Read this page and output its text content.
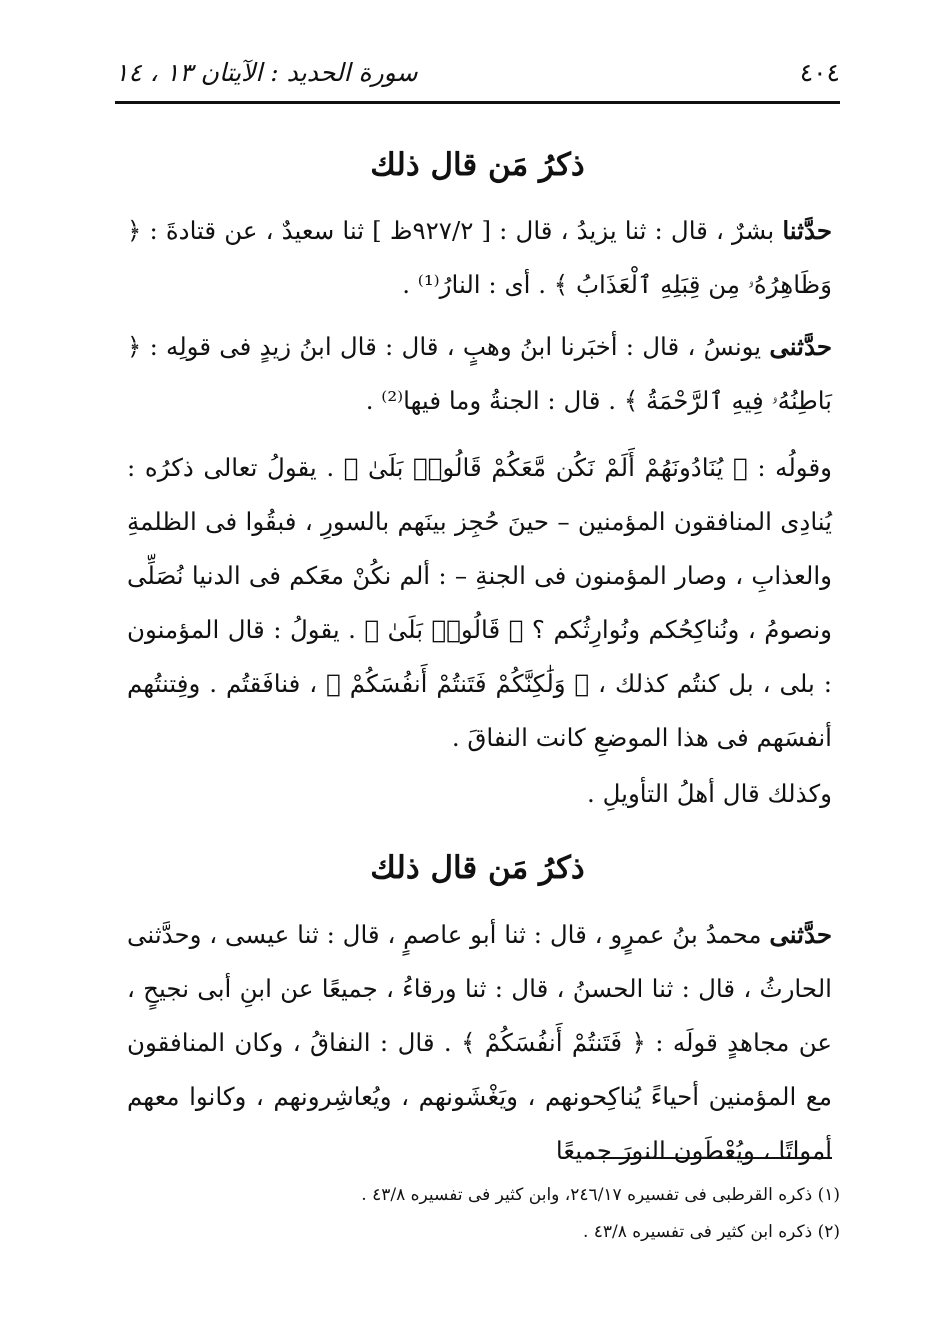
٤٠٤
سورة الحديد : الآيتان ١٣ ، ١٤
ذكرُ مَن قال ذلك
حدَّثنا بشرٌ ، قال : ثنا يزيدُ ، قال : [ ٩٢٧/٢ظ ] ثنا سعيدٌ ، عن قتادةَ : ﴿ وَظَاهِرُهُۥ مِن قِبَلِهِ ٱلْعَذَابُ ﴾ . أى : النارُ⁽¹⁾ .
حدَّثنى يونسُ ، قال : أخبَرنا ابنُ وهبٍ ، قال : قال ابنُ زيدٍ فى قولِه : ﴿ بَاطِنُهُۥ فِيهِ ٱلرَّحْمَةُ ﴾ . قال : الجنةُ وما فيها⁽²⁾ .
وقولُه : ﴿ يُنَادُونَهُمْ أَلَمْ نَكُن مَّعَكُمْ قَالُوا۟ بَلَىٰ ﴾ . يقولُ تعالى ذكرُه : يُنادِى المنافقون المؤمنين – حينَ حُجِز بينَهم بالسورِ ، فبقُوا فى الظلمةِ والعذابِ ، وصار المؤمنون فى الجنةِ – : ألم نكُنْ معَكم فى الدنيا نُصَلِّى ونصومُ ، ونُناكِحُكم ونُوارِثُكم ؟ ﴿ قَالُوا۟ بَلَىٰ ﴾ . يقولُ : قال المؤمنون : بلى ، بل كنتُم كذلك ، ﴿ وَلَٰكِنَّكُمْ فَتَنتُمْ أَنفُسَكُمْ ﴾ ، فنافَقتُم . وفِتنتُهم أنفسَهم فى هذا الموضعِ كانت النفاقَ .
وكذلك قال أهلُ التأويلِ .
ذكرُ مَن قال ذلك
حدَّثنى محمدُ بنُ عمرٍو ، قال : ثنا أبو عاصمٍ ، قال : ثنا عيسى ، وحدَّثنى الحارثُ ، قال : ثنا الحسنُ ، قال : ثنا ورقاءُ ، جميعًا عن ابنِ أبى نجيحٍ ، عن مجاهدٍ قولَه : ﴿ فَتَنتُمْ أَنفُسَكُمْ ﴾ . قال : النفاقُ ، وكان المنافقون مع المؤمنين أحياءً يُناكِحونهم ، ويَغْشَونهم ، ويُعاشِرونهم ، وكانوا معهم أمواتًا ، ويُعْطَون النورَ جميعًا
(١) ذكره القرطبى فى تفسيره ٢٤٦/١٧، وابن كثير فى تفسيره ٤٣/٨ .
(٢) ذكره ابن كثير فى تفسيره ٤٣/٨ .
